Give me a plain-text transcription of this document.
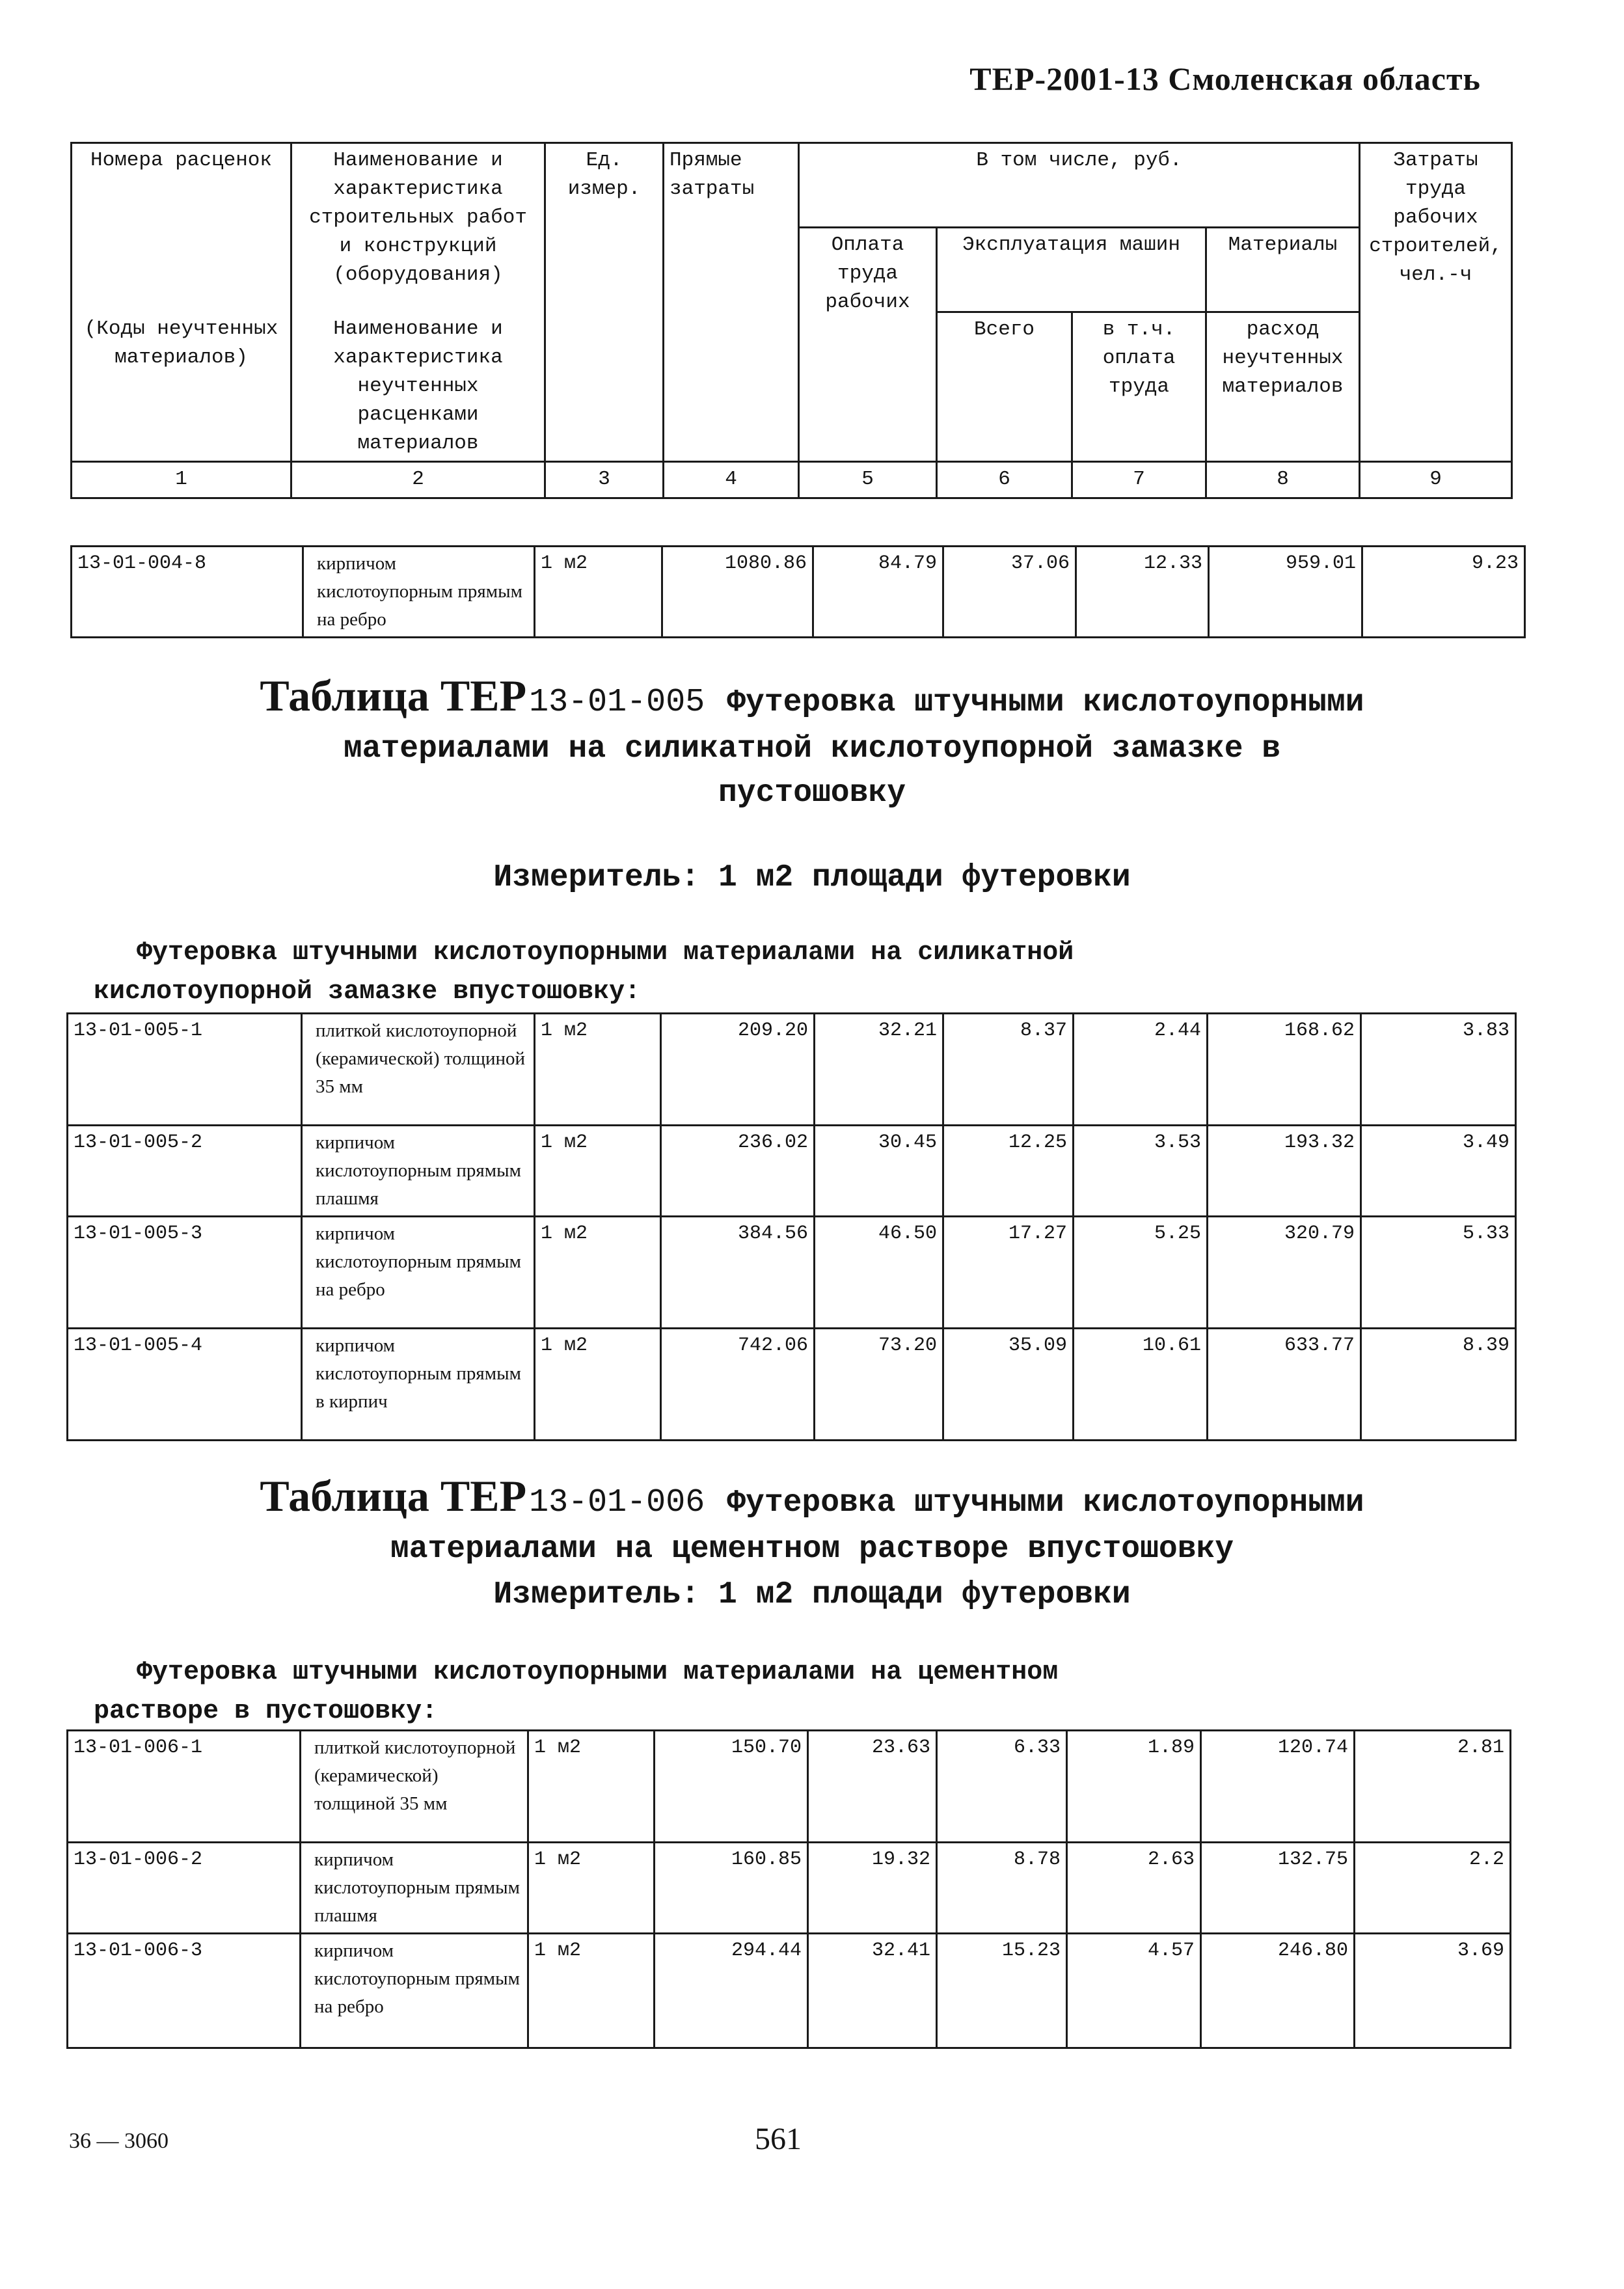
ТЕР-2001-13 Смоленская область
Номера расценок	Наименование и характеристика строительных работ и конструкций (оборудования)	Ед. измер.	Прямые затраты	В том числе, руб.				Затраты труда рабочих строителей, чел.-ч
				Оплата труда рабочих	Эксплуатация машин		Материалы	
(Коды неучтенных материалов)	Наименование и характеристика неучтенных расценками материалов				Всего	в т.ч. оплата труда	расход неучтенных материалов	
1	2	3	4	5	6	7	8	9
13-01-004-8	кирпичом кислотоупорным прямым на ребро	1 м2	1080.86	84.79	37.06	12.33	959.01	9.23
Таблица ТЕР 13-01-005 Футеровка штучными кислотоупорными
материалами на силикатной кислотоупорной замазке в
пустошовку
Измеритель: 1 м2 площади футеровки
Футеровка штучными кислотоупорными материалами на силикатной
кислотоупорной замазке впустошовку:
13-01-005-1	плиткой кислотоупорной (керамической) толщиной 35 мм	1 м2	209.20	32.21	8.37	2.44	168.62	3.83
13-01-005-2	кирпичом кислотоупорным прямым плашмя	1 м2	236.02	30.45	12.25	3.53	193.32	3.49
13-01-005-3	кирпичом кислотоупорным прямым на ребро	1 м2	384.56	46.50	17.27	5.25	320.79	5.33
13-01-005-4	кирпичом кислотоупорным прямым в кирпич	1 м2	742.06	73.20	35.09	10.61	633.77	8.39
Таблица ТЕР 13-01-006 Футеровка штучными кислотоупорными
материалами на цементном растворе впустошовку
Измеритель: 1 м2 площади футеровки
Футеровка штучными кислотоупорными материалами на цементном
растворе в пустошовку:
13-01-006-1	плиткой кислотоупорной (керамической) толщиной 35 мм	1 м2	150.70	23.63	6.33	1.89	120.74	2.81
13-01-006-2	кирпичом кислотоупорным прямым плашмя	1 м2	160.85	19.32	8.78	2.63	132.75	2.2
13-01-006-3	кирпичом кислотоупорным прямым на ребро	1 м2	294.44	32.41	15.23	4.57	246.80	3.69
36 — 3060	561
